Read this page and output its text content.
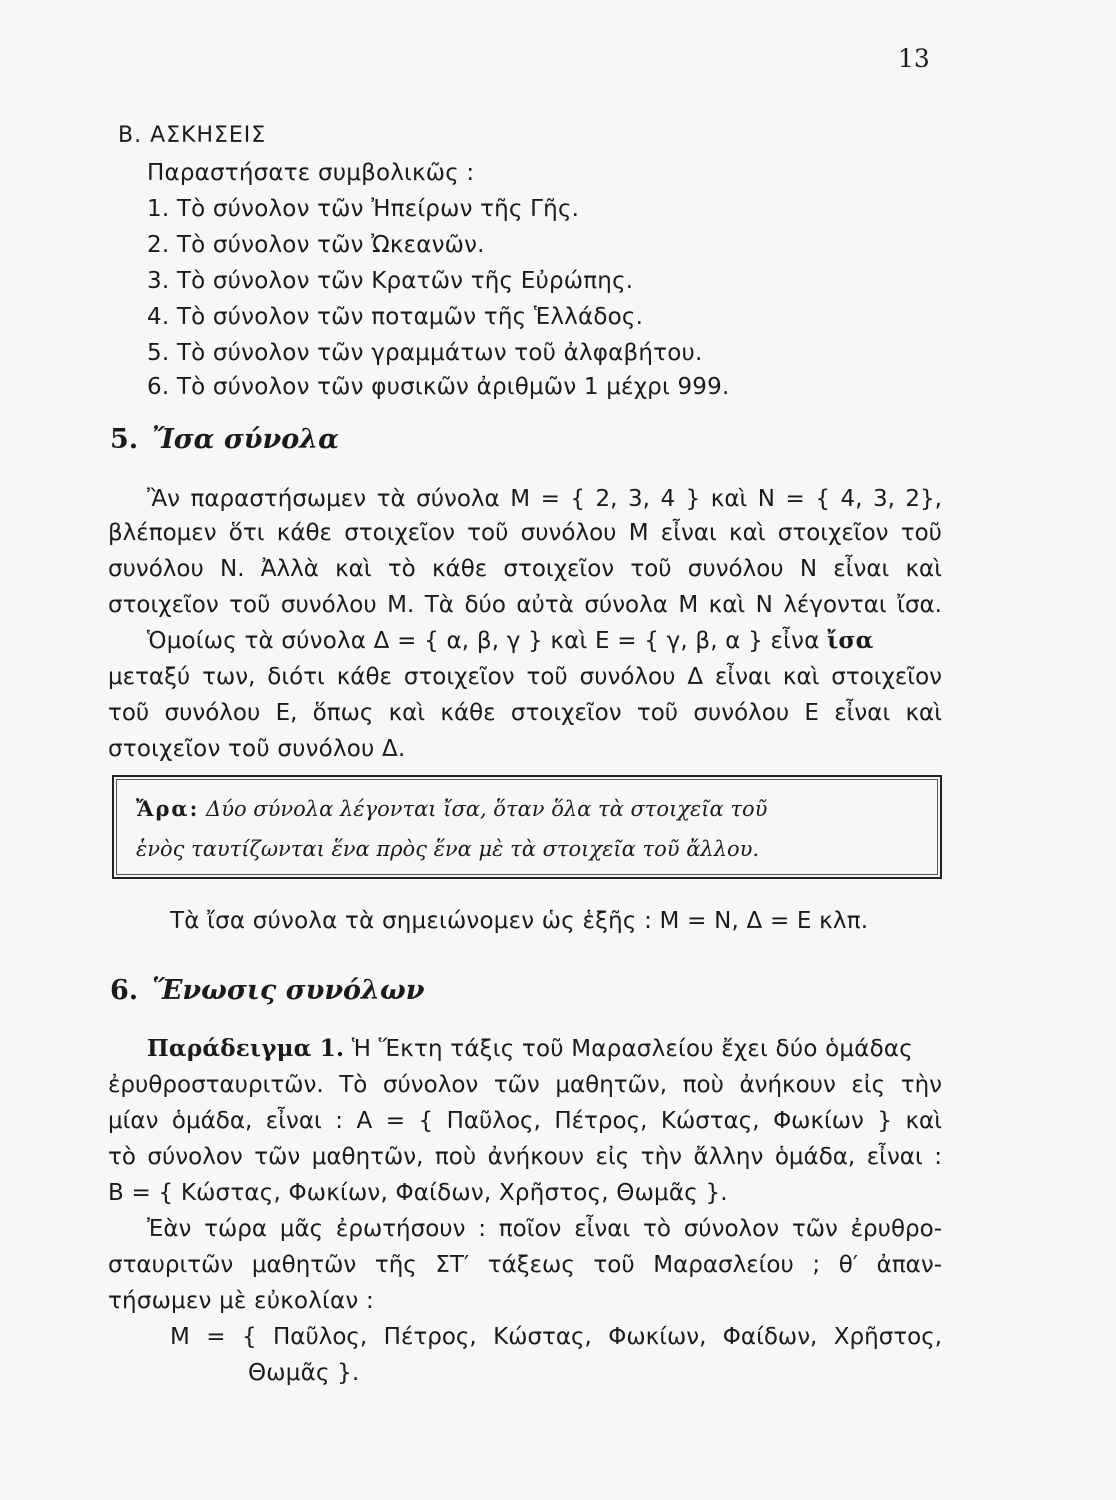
13
Β. ΑΣΚΗΣΕΙΣ
Παραστήσατε συμβολικῶς :
1. Τὸ σύνολον τῶν Ἠπείρων τῆς Γῆς.
2. Τὸ σύνολον τῶν Ὠκεανῶν.
3. Τὸ σύνολον τῶν Κρατῶν τῆς Εὐρώπης.
4. Τὸ σύνολον τῶν ποταμῶν τῆς Ἑλλάδος.
5. Τὸ σύνολον τῶν γραμμάτων τοῦ ἀλφαβήτου.
6. Τὸ σύνολον τῶν φυσικῶν ἀριθμῶν 1 μέχρι 999.
5. Ἴσα σύνολα
Ἂν παραστήσωμεν τὰ σύνολα M = { 2, 3, 4 } καὶ N = { 4, 3, 2},
βλέπομεν ὅτι κάθε στοιχεῖον τοῦ συνόλου M εἶναι καὶ στοιχεῖον τοῦ
συνόλου N. Ἀλλὰ καὶ τὸ κάθε στοιχεῖον τοῦ συνόλου N εἶναι καὶ
στοιχεῖον τοῦ συνόλου M. Τὰ δύο αὐτὰ σύνολα M καὶ N λέγονται ἴσα.
Ὁμοίως τὰ σύνολα Δ = { α, β, γ } καὶ E = { γ, β, α } εἶνα ἴσα
μεταξύ των, διότι κάθε στοιχεῖον τοῦ συνόλου Δ εἶναι καὶ στοιχεῖον
τοῦ συνόλου E, ὅπως καὶ κάθε στοιχεῖον τοῦ συνόλου E εἶναι καὶ
στοιχεῖον τοῦ συνόλου Δ.
Ἄρα: Δύο σύνολα λέγονται ἴσα, ὅταν ὅλα τὰ στοιχεῖα τοῦ
ἑνὸς ταυτίζωνται ἕνα πρὸς ἕνα μὲ τὰ στοιχεῖα τοῦ ἄλλου.
Τὰ ἴσα σύνολα τὰ σημειώνομεν ὡς ἑξῆς : M = N, Δ = E κλπ.
6. Ἕνωσις συνόλων
Παράδειγμα 1. Ἡ Ἕκτη τάξις τοῦ Μαρασλείου ἔχει δύο ὁμάδας
ἐρυθροσταυριτῶν. Τὸ σύνολον τῶν μαθητῶν, ποὺ ἀνήκουν εἰς τὴν
μίαν ὁμάδα, εἶναι : A = { Παῦλος, Πέτρος, Κώστας, Φωκίων } καὶ
τὸ σύνολον τῶν μαθητῶν, ποὺ ἀνήκουν εἰς τὴν ἄλλην ὁμάδα, εἶναι :
B = { Κώστας, Φωκίων, Φαίδων, Χρῆστος, Θωμᾶς }.
Ἐὰν τώρα μᾶς ἐρωτήσουν : ποῖον εἶναι τὸ σύνολον τῶν ἐρυθρο-
σταυριτῶν μαθητῶν τῆς ΣΤ′ τάξεως τοῦ Μαρασλείου ; θ′ ἀπαν-
τήσωμεν μὲ εὐκολίαν :
M = { Παῦλος, Πέτρος, Κώστας, Φωκίων, Φαίδων, Χρῆστος,
Θωμᾶς }.
